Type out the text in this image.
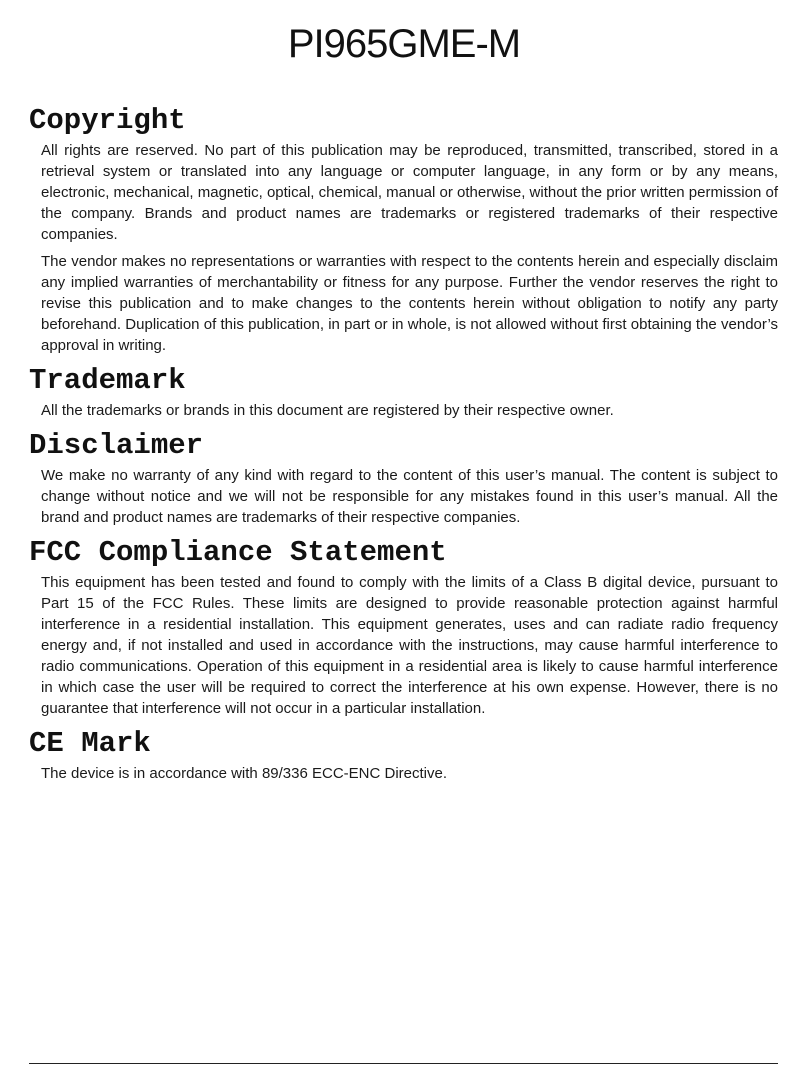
PI965GME-M
Copyright

All rights are reserved. No part of this publication may be reproduced, transmitted, transcribed, stored in a retrieval system or translated into any language or computer language, in any form or by any means, electronic, mechanical, magnetic, optical, chemical, manual or otherwise, without the prior written permission of the company. Brands and product names are trademarks or registered trademarks of their respective companies.

The vendor makes no representations or warranties with respect to the contents herein and especially disclaim any implied warranties of merchantability or fitness for any purpose. Further the vendor reserves the right to revise this publication and to make changes to the contents herein without obligation to notify any party beforehand. Duplication of this publication, in part or in whole, is not allowed without first obtaining the vendor’s approval in writing.

Trademark

All the trademarks or brands in this document are registered by their respective owner.

Disclaimer

We make no warranty of any kind with regard to the content of this user’s manual. The content is subject to change without notice and we will not be responsible for any mistakes found in this user’s manual. All the brand and product names are trademarks of their respective companies.

FCC Compliance Statement

This equipment has been tested and found to comply with the limits of a Class B digital device, pursuant to Part 15 of the FCC Rules. These limits are designed to provide reasonable protection against harmful interference in a residential installation. This equipment generates, uses and can radiate radio frequency energy and, if not installed and used in accordance with the instructions, may cause harmful interference to radio communications. Operation of this equipment in a residential area is likely to cause harmful interference in which case the user will be required to correct the interference at his own expense. However, there is no guarantee that interference will not occur in a particular installation.

CE Mark

The device is in accordance with 89/336 ECC-ENC Directive.
